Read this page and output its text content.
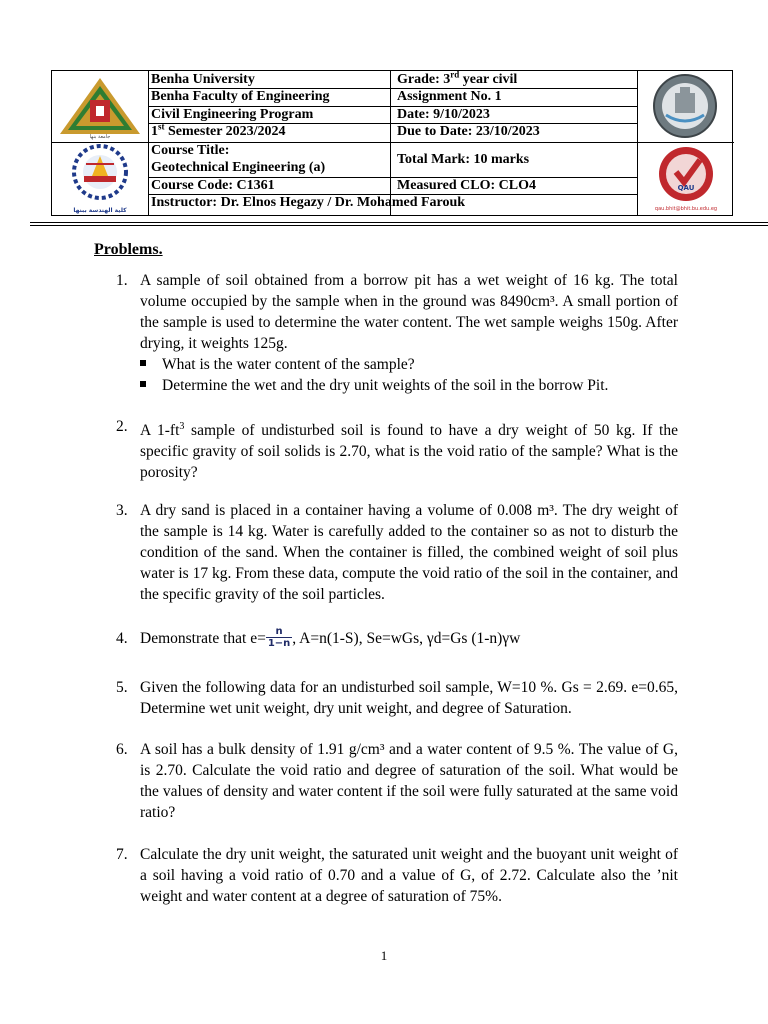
Benha University
Benha Faculty of Engineering
Civil Engineering Program
1st Semester 2023/2024
Course Title:
Geotechnical Engineering (a)
Course Code: C1361
Instructor: Dr. Elnos Hegazy / Dr. Mohamed Farouk
Grade: 3rd year civil
Assignment No. 1
Date: 9/10/2023
Due to Date: 23/10/2023
Total Mark: 10 marks
Measured CLO: CLO4
جامعة بنها
كلية الهندسة ببنها
QAU
qau.bhit@bhit.bu.edu.eg
Problems.
1. A sample of soil obtained from a borrow pit has a wet weight of 16 kg. The total volume occupied by the sample when in the ground was 8490cm³. A small portion of the sample is used to determine the water content. The wet sample weighs 150g. After drying, it weights 125g.
What is the water content of the sample?
Determine the wet and the dry unit weights of the soil in the borrow Pit.
2. A $1-ft^3$ sample of undisturbed soil is found to have a dry weight of 50 kg. If the specific gravity of soil solids is 2.70, what is the void ratio of the sample? What is the porosity?
3. A dry sand is placed in a container having a volume of 0.008 m³. The dry weight of the sample is 14 kg. Water is carefully added to the container so as not to disturb the condition of the sand. When the container is filled, the combined weight of soil plus water is 17 kg. From these data, compute the void ratio of the soil in the container, and the specific gravity of the soil particles.
4. Demonstrate that $e= \frac{n}{1-n}$ , A=n(1-S), Se=wGs, γd=Gs (1-n)γw
5. Given the following data for an undisturbed soil sample, W=10 %. Gs = 2.69. e=0.65, Determine wet unit weight, dry unit weight, and degree of Saturation.
6. A soil has a bulk density of 1.91 g/cm³ and a water content of 9.5 %. The value of G, is 2.70. Calculate the void ratio and degree of saturation of the soil. What would be the values of density and water content if the soil were fully saturated at the same void ratio?
7. Calculate the dry unit weight, the saturated unit weight and the buoyant unit weight of a soil having a void ratio of 0.70 and a value of G, of 2.72. Calculate also the ’nit weight and water content at a degree of saturation of 75%.
1
